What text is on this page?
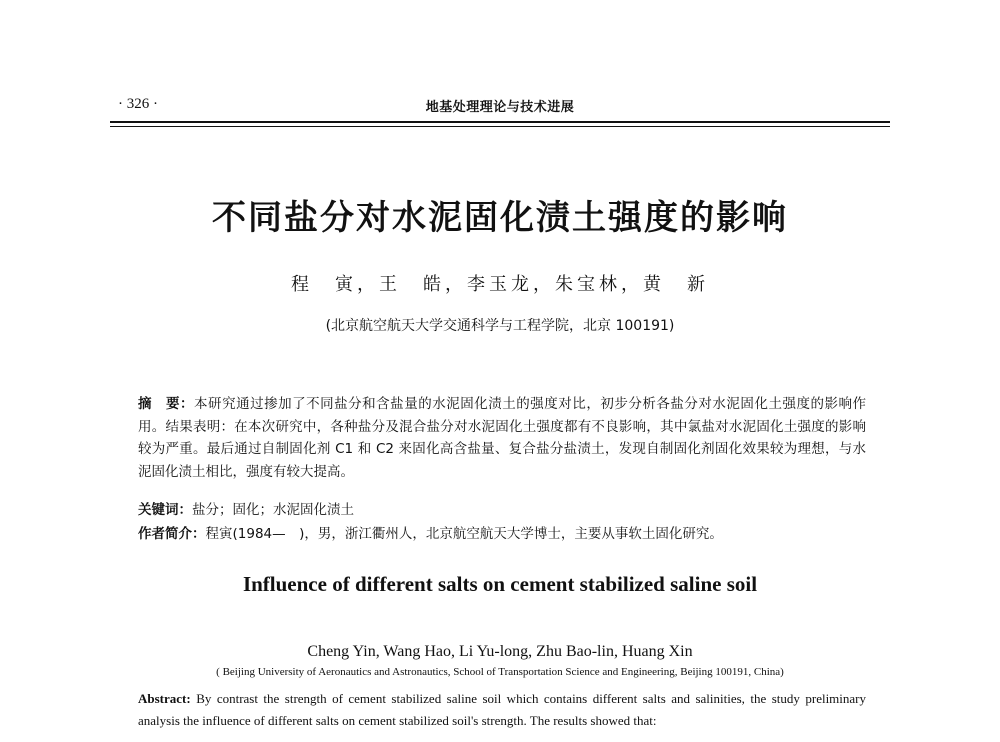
· 326 ·	地基处理理论与技术进展
不同盐分对水泥固化渍土强度的影响
程　寅，王　皓，李玉龙，朱宝林，黄　新
(北京航空航天大学交通科学与工程学院，北京 100191)
摘　要：本研究通过掺加了不同盐分和含盐量的水泥固化渍土的强度对比，初步分析各盐分对水泥固化土强度的影响作用。结果表明：在本次研究中，各种盐分及混合盐分对水泥固化土强度都有不良影响，其中氯盐对水泥固化土强度的影响较为严重。最后通过自制固化剂 C1 和 C2 来固化高含盐量、复合盐分盐渍土，发现自制固化剂固化效果较为理想，与水泥固化渍土相比，强度有较大提高。
关键词：盐分；固化；水泥固化渍土
作者简介：程寅(1984—　)，男，浙江衢州人，北京航空航天大学博士，主要从事软土固化研究。
Influence of different salts on cement stabilized saline soil
Cheng Yin, Wang Hao, Li Yu-long, Zhu Bao-lin, Huang Xin
( Beijing University of Aeronautics and Astronautics, School of Transportation Science and Engineering, Beijing 100191, China)
Abstract: By contrast the strength of cement stabilized saline soil which contains different salts and salinities, the study preliminary analysis the influence of different salts on cement stabilized soil's strength. The results showed that:
